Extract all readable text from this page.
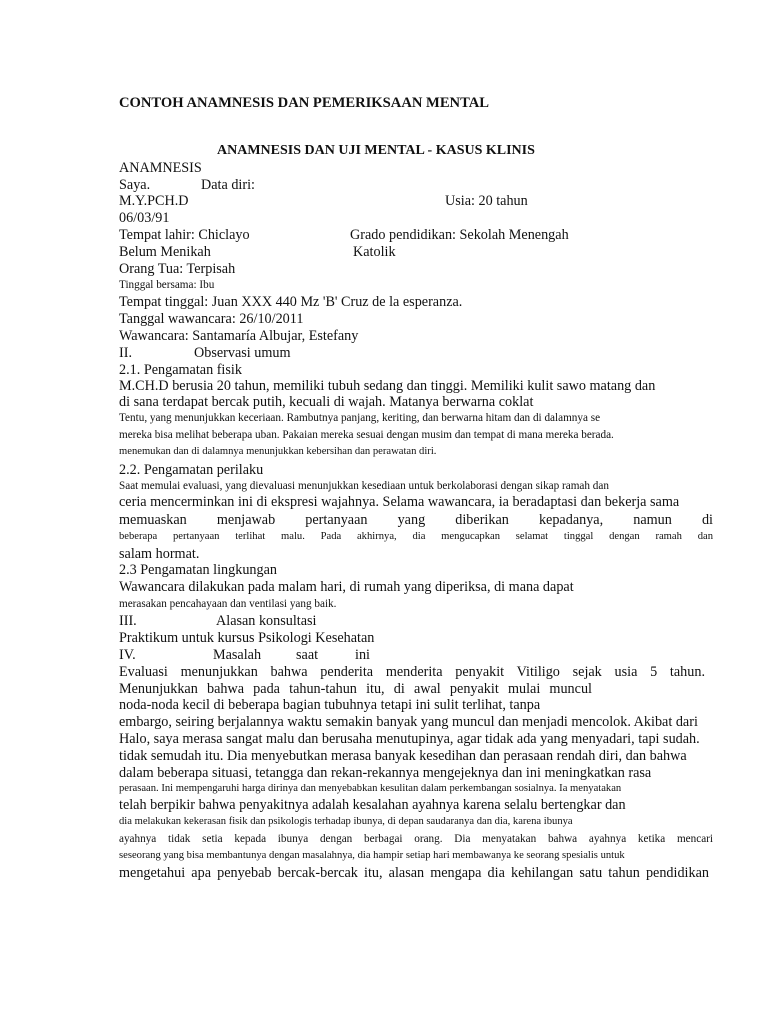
CONTOH ANAMNESIS DAN PEMERIKSAAN MENTAL

ANAMNESIS DAN UJI MENTAL - KASUS KLINIS

ANAMNESIS

Saya.	Data diri:

M.Y.PCH.D	Usia: 20 tahun

06/03/91

Tempat lahir: Chiclayo	Grado pendidikan: Sekolah Menengah

Belum Menikah	Katolik

Orang Tua: Terpisah

Tinggal bersama: Ibu

Tempat tinggal: Juan XXX 440 Mz 'B' Cruz de la esperanza.

Tanggal wawancara: 26/10/2011

Wawancara: Santamaría Albujar, Estefany

II.	Observasi umum

2.1. Pengamatan fisik

M.CH.D berusia 20 tahun, memiliki tubuh sedang dan tinggi. Memiliki kulit sawo matang dan

di sana terdapat bercak putih, kecuali di wajah. Matanya berwarna coklat

Tentu, yang menunjukkan keceriaan. Rambutnya panjang, keriting, dan berwarna hitam dan di dalamnya se

mereka bisa melihat beberapa uban. Pakaian mereka sesuai dengan musim dan tempat di mana mereka berada.

menemukan dan di dalamnya menunjukkan kebersihan dan perawatan diri.

2.2. Pengamatan perilaku

Saat memulai evaluasi, yang dievaluasi menunjukkan kesediaan untuk berkolaborasi dengan sikap ramah dan

ceria mencerminkan ini di ekspresi wajahnya. Selama wawancara, ia beradaptasi dan bekerja sama

memuaskan menjawab pertanyaan yang diberikan kepadanya, namun di

beberapa pertanyaan terlihat malu. Pada akhirnya, dia mengucapkan selamat tinggal dengan ramah dan

salam hormat.

2.3 Pengamatan lingkungan

Wawancara dilakukan pada malam hari, di rumah yang diperiksa, di mana dapat

merasakan pencahayaan dan ventilasi yang baik.

III.	Alasan konsultasi

Praktikum untuk kursus Psikologi Kesehatan

IV.	Masalah saat	ini

Evaluasi menunjukkan bahwa penderita menderita penyakit Vitiligo sejak usia 5 tahun.

Menunjukkan bahwa pada tahun-tahun itu, di awal penyakit mulai muncul

noda-noda kecil di beberapa bagian tubuhnya tetapi ini sulit terlihat, tanpa

embargo, seiring berjalannya waktu semakin banyak yang muncul dan menjadi mencolok. Akibat dari

Halo, saya merasa sangat malu dan berusaha menutupinya, agar tidak ada yang menyadari, tapi sudah.

tidak semudah itu. Dia menyebutkan merasa banyak kesedihan dan perasaan rendah diri, dan bahwa

dalam beberapa situasi, tetangga dan rekan-rekannya mengejeknya dan ini meningkatkan rasa

perasaan. Ini mempengaruhi harga dirinya dan menyebabkan kesulitan dalam perkembangan sosialnya. Ia menyatakan

telah berpikir bahwa penyakitnya adalah kesalahan ayahnya karena selalu bertengkar dan

dia melakukan kekerasan fisik dan psikologis terhadap ibunya, di depan saudaranya dan dia, karena ibunya

ayahnya tidak setia kepada ibunya dengan berbagai orang. Dia menyatakan bahwa ayahnya ketika mencari

seseorang yang bisa membantunya dengan masalahnya, dia hampir setiap hari membawanya ke seorang spesialis untuk

mengetahui apa penyebab bercak-bercak itu, alasan mengapa dia kehilangan satu tahun pendidikan
